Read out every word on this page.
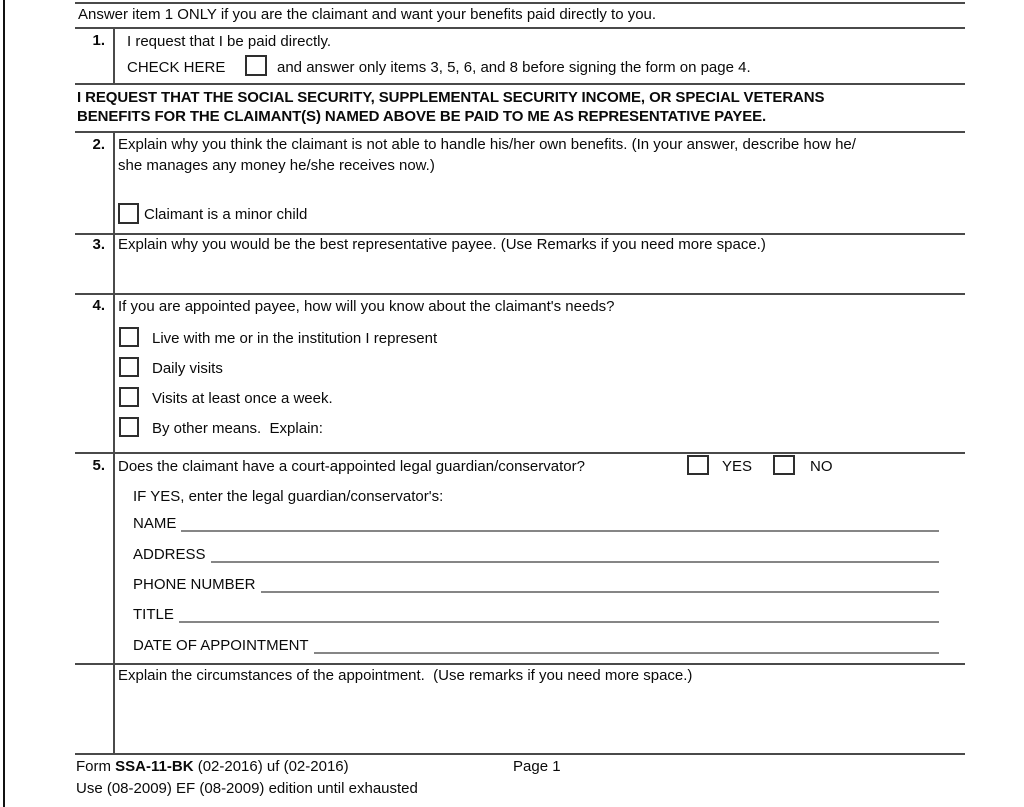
Answer item 1 ONLY if you are the claimant and want your benefits paid directly to you.
1. I request that I be paid directly.
CHECK HERE	and answer only items 3, 5, 6, and 8 before signing the form on page 4.
I REQUEST THAT THE SOCIAL SECURITY, SUPPLEMENTAL SECURITY INCOME, OR SPECIAL VETERANS
BENEFITS FOR THE CLAIMANT(S) NAMED ABOVE BE PAID TO ME AS REPRESENTATIVE PAYEE.
2. Explain why you think the claimant is not able to handle his/her own benefits. (In your answer, describe how he/
she manages any money he/she receives now.)
Claimant is a minor child
3. Explain why you would be the best representative payee. (Use Remarks if you need more space.)
4. If you are appointed payee, how will you know about the claimant's needs?
Live with me or in the institution I represent
Daily visits
Visits at least once a week.
By other means.  Explain:
5. Does the claimant have a court-appointed legal guardian/conservator?	YES	NO
IF YES, enter the legal guardian/conservator's:
NAME
ADDRESS
PHONE NUMBER
TITLE
DATE OF APPOINTMENT
Explain the circumstances of the appointment.  (Use remarks if you need more space.)
Form SSA-11-BK (02-2016) uf (02-2016)	Page 1
Use (08-2009) EF (08-2009) edition until exhausted
